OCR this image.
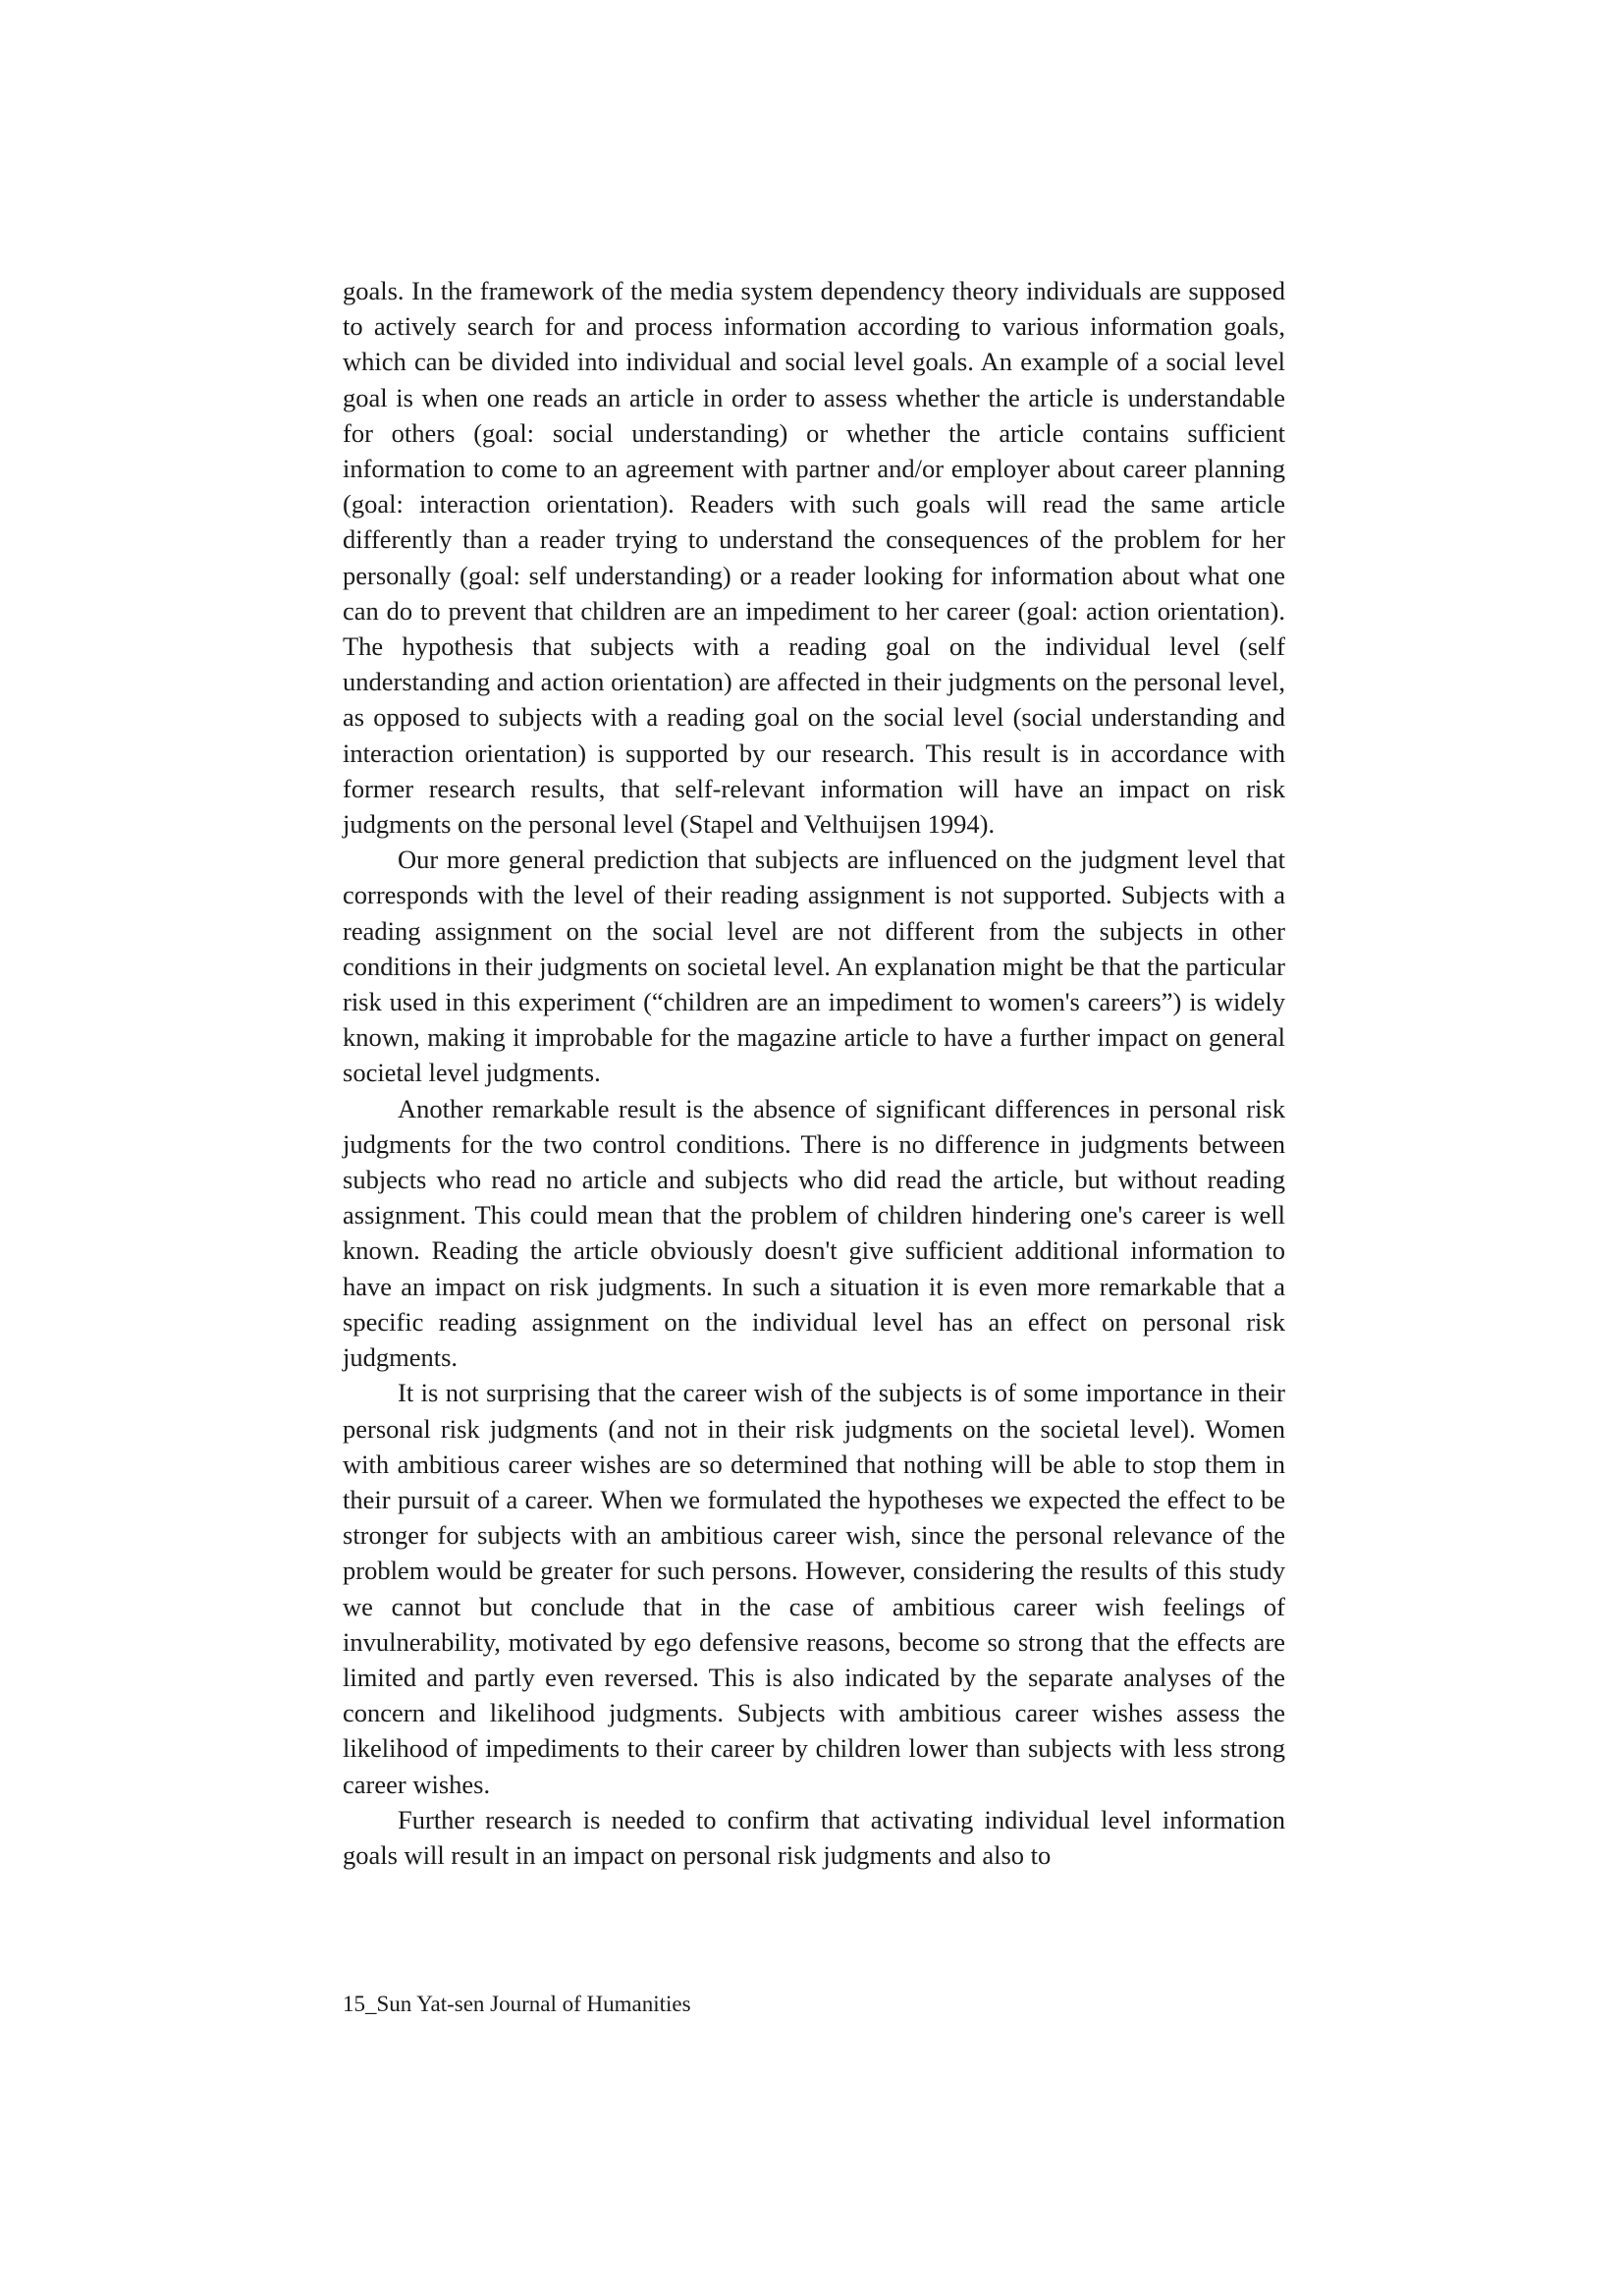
goals. In the framework of the media system dependency theory individuals are supposed to actively search for and process information according to various information goals, which can be divided into individual and social level goals. An example of a social level goal is when one reads an article in order to assess whether the article is understandable for others (goal: social understanding) or whether the article contains sufficient information to come to an agreement with partner and/or employer about career planning (goal: interaction orientation). Readers with such goals will read the same article differently than a reader trying to understand the consequences of the problem for her personally (goal: self understanding) or a reader looking for information about what one can do to prevent that children are an impediment to her career (goal: action orientation). The hypothesis that subjects with a reading goal on the individual level (self understanding and action orientation) are affected in their judgments on the personal level, as opposed to subjects with a reading goal on the social level (social understanding and interaction orientation) is supported by our research. This result is in accordance with former research results, that self-relevant information will have an impact on risk judgments on the personal level (Stapel and Velthuijsen 1994).

Our more general prediction that subjects are influenced on the judgment level that corresponds with the level of their reading assignment is not supported. Subjects with a reading assignment on the social level are not different from the subjects in other conditions in their judgments on societal level. An explanation might be that the particular risk used in this experiment (“children are an impediment to women's careers”) is widely known, making it improbable for the magazine article to have a further impact on general societal level judgments.

Another remarkable result is the absence of significant differences in personal risk judgments for the two control conditions. There is no difference in judgments between subjects who read no article and subjects who did read the article, but without reading assignment. This could mean that the problem of children hindering one's career is well known. Reading the article obviously doesn't give sufficient additional information to have an impact on risk judgments. In such a situation it is even more remarkable that a specific reading assignment on the individual level has an effect on personal risk judgments.

It is not surprising that the career wish of the subjects is of some importance in their personal risk judgments (and not in their risk judgments on the societal level). Women with ambitious career wishes are so determined that nothing will be able to stop them in their pursuit of a career. When we formulated the hypotheses we expected the effect to be stronger for subjects with an ambitious career wish, since the personal relevance of the problem would be greater for such persons. However, considering the results of this study we cannot but conclude that in the case of ambitious career wish feelings of invulnerability, motivated by ego defensive reasons, become so strong that the effects are limited and partly even reversed. This is also indicated by the separate analyses of the concern and likelihood judgments. Subjects with ambitious career wishes assess the likelihood of impediments to their career by children lower than subjects with less strong career wishes.

Further research is needed to confirm that activating individual level information goals will result in an impact on personal risk judgments and also to

15_Sun Yat-sen Journal of Humanities
